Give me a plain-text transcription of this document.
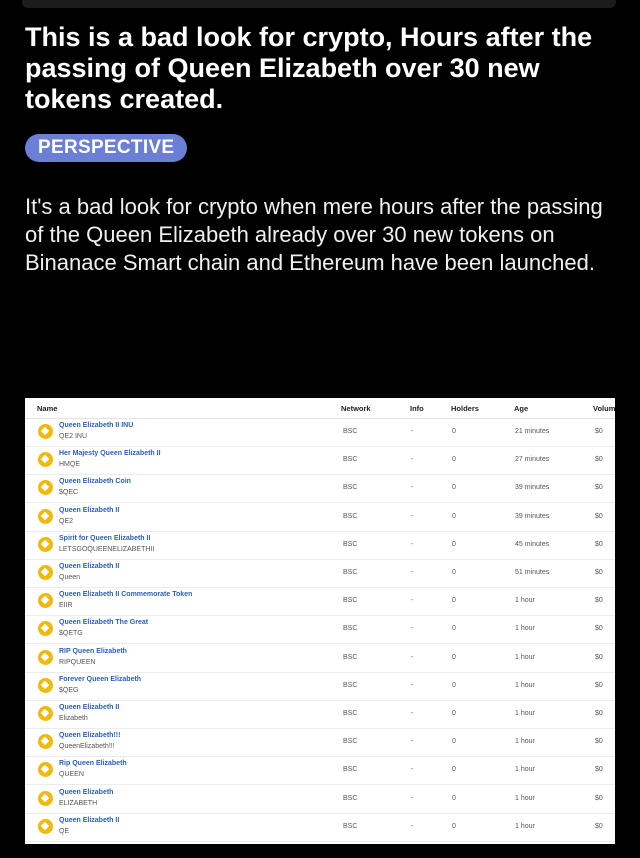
This is a bad look for crypto, Hours after the passing of Queen Elizabeth over 30 new tokens created.
PERSPECTIVE
It's a bad look for crypto when mere hours after the passing of the Queen Elizabeth already over 30 new tokens on Binanace Smart chain and Ethereum have been launched.
Name	Network	Info	Holders	Age	Volum
Queen Elizabeth II INU
QE2 INU
BSC	-	0	21 minutes	$0
Her Majesty Queen Elizabeth II
HMQE
BSC	-	0	27 minutes	$0
Queen Elizabeth Coin
$QEC
BSC	-	0	39 minutes	$0
Queen Elizabeth II
QE2
BSC	-	0	39 minutes	$0
Spirit for Queen Elizabeth II
LETSGOQUEENELIZABETHII
BSC	-	0	45 minutes	$0
Queen Elizabeth II
Queen
BSC	-	0	51 minutes	$0
Queen Elizabeth II Commemorate Token
EIIR
BSC	-	0	1 hour	$0
Queen Elizabeth The Great
$QETG
BSC	-	0	1 hour	$0
RIP Queen Elizabeth
RIPQUEEN
BSC	-	0	1 hour	$0
Forever Queen Elizabeth
$QEG
BSC	-	0	1 hour	$0
Queen Elizabeth II
Elizabeth
BSC	-	0	1 hour	$0
Queen Elizabeth!!!
QueenElizabeth!!!
BSC	-	0	1 hour	$0
Rip Queen Elizabeth
QUEEN
BSC	-	0	1 hour	$0
Queen Elizabeth
ELIZABETH
BSC	-	0	1 hour	$0
Queen Elizabeth II
QE
BSC	-	0	1 hour	$0
